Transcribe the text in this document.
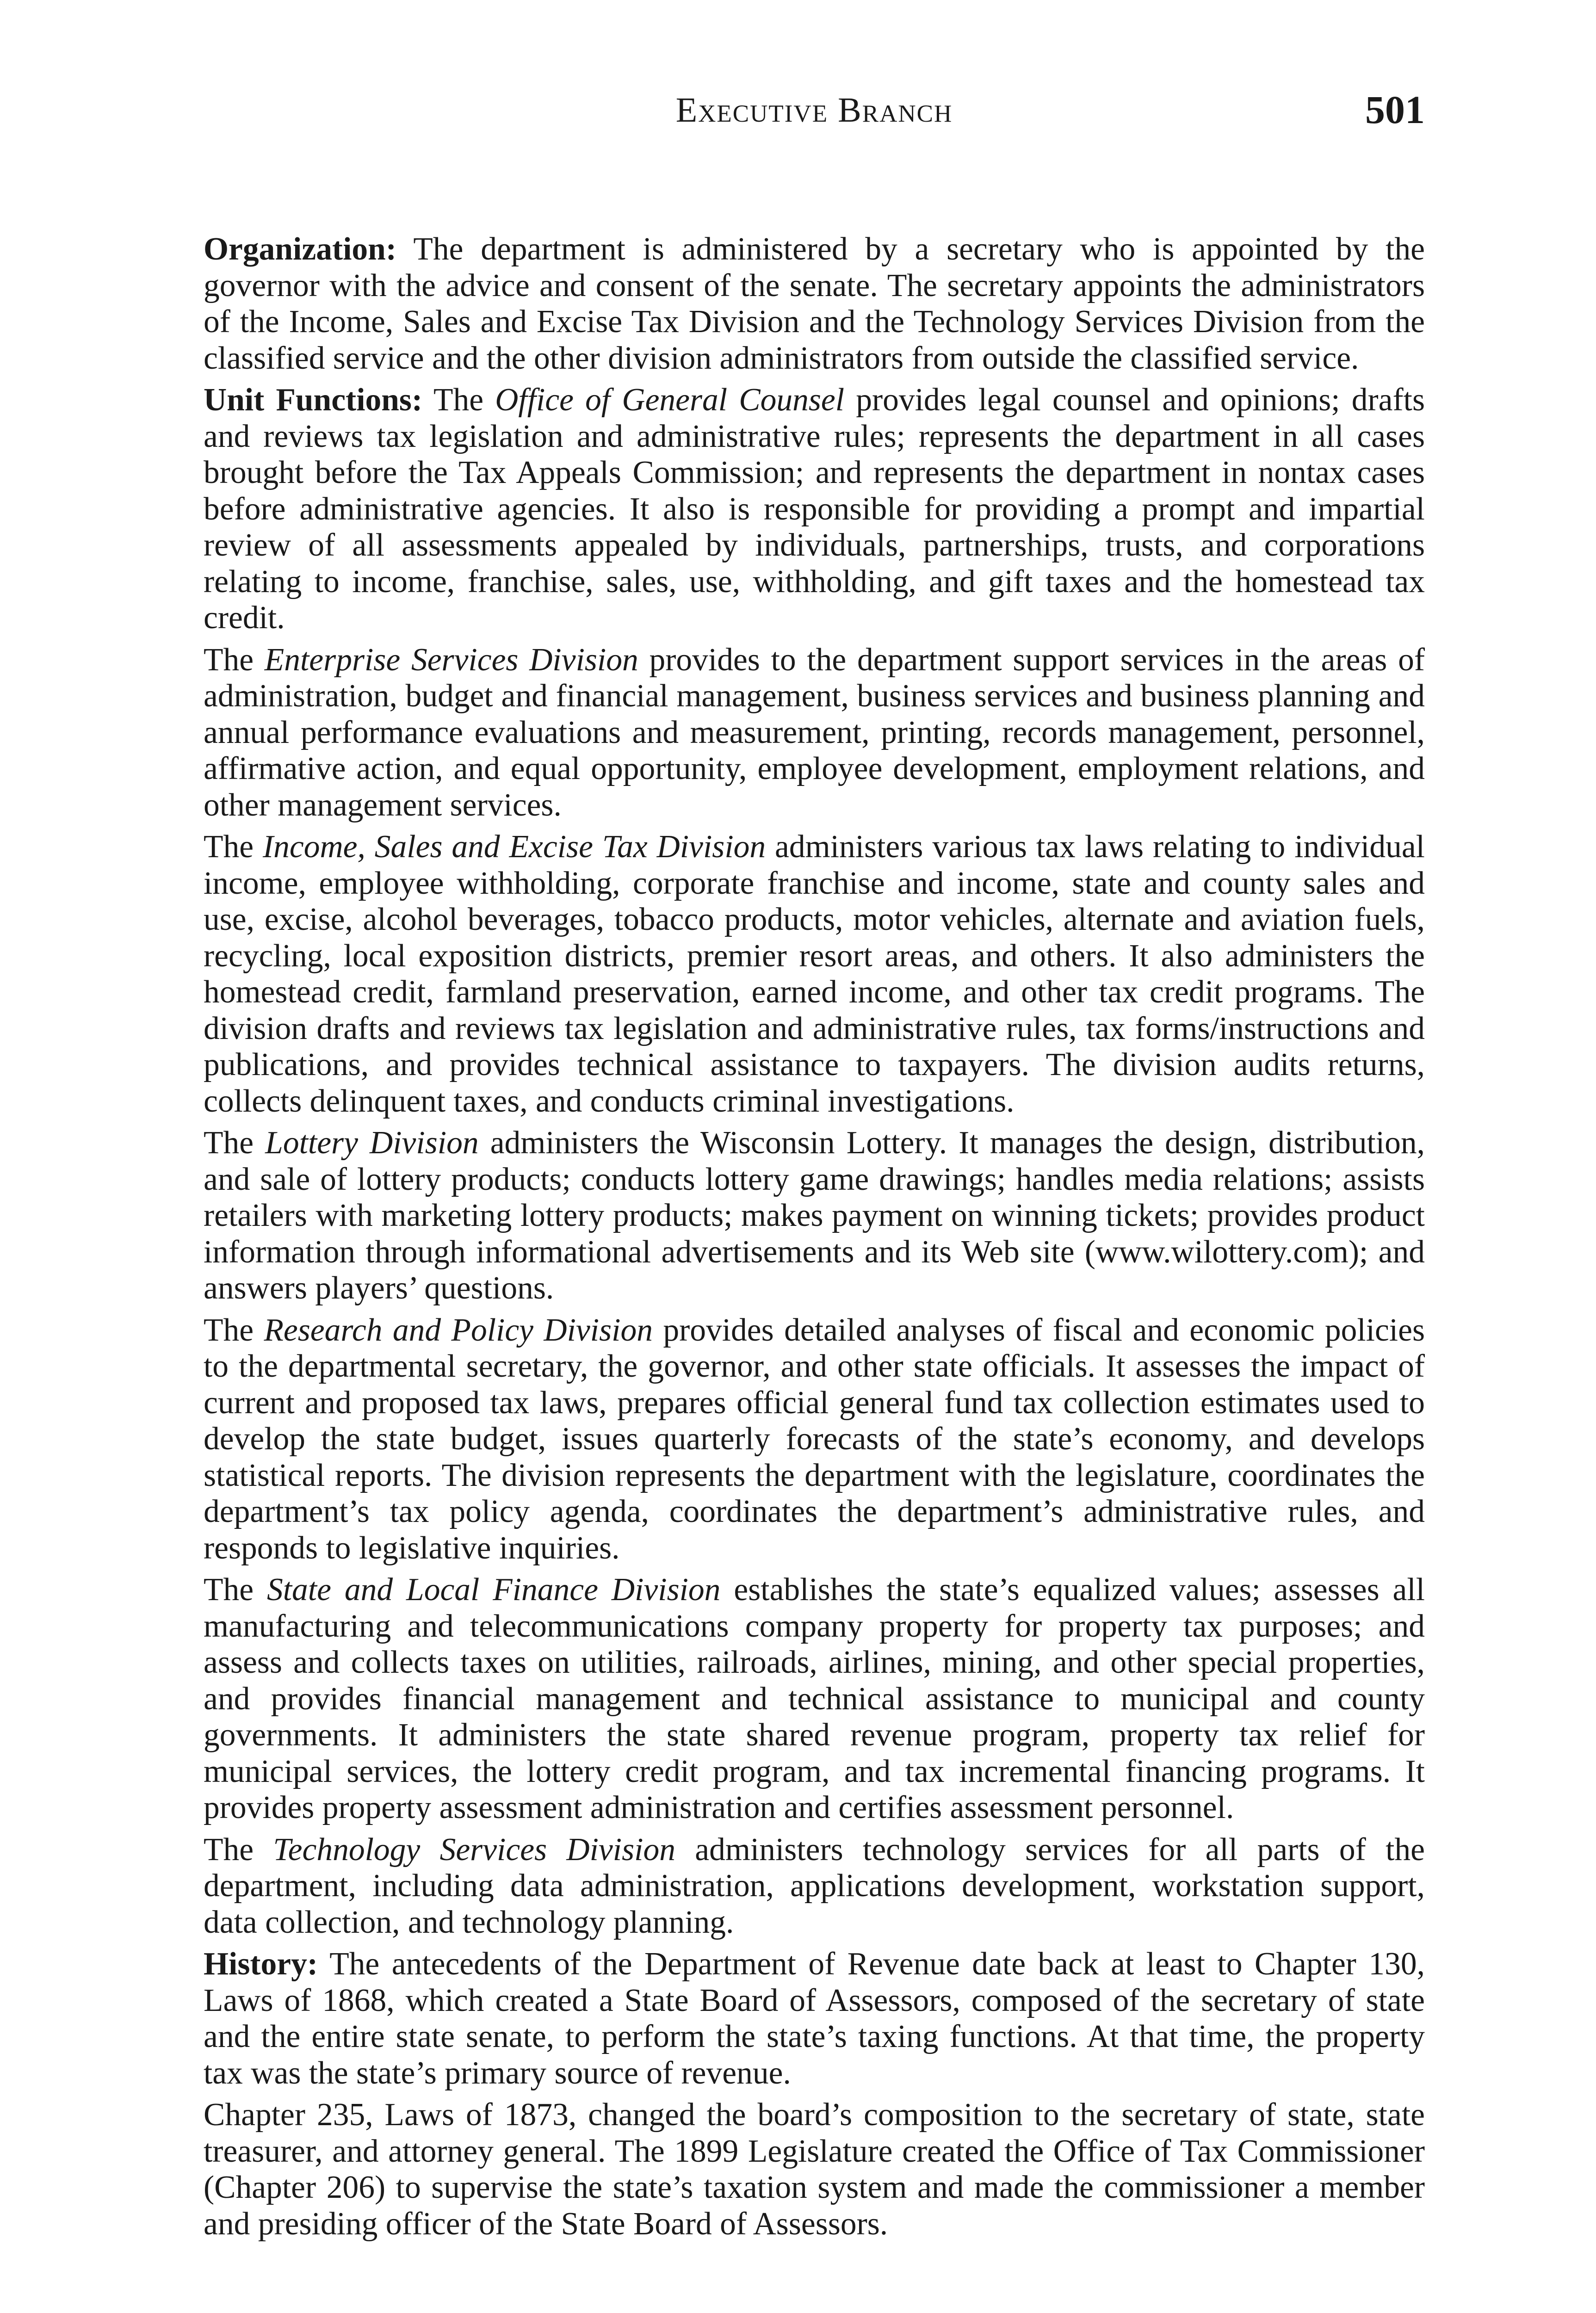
Executive Branch	501

Organization: The department is administered by a secretary who is appointed by the governor with the advice and consent of the senate. The secretary appoints the administrators of the Income, Sales and Excise Tax Division and the Technology Services Division from the classified service and the other division administrators from outside the classified service.

Unit Functions: The Office of General Counsel provides legal counsel and opinions; drafts and reviews tax legislation and administrative rules; represents the department in all cases brought before the Tax Appeals Commission; and represents the department in nontax cases before administrative agencies. It also is responsible for providing a prompt and impartial review of all assessments appealed by individuals, partnerships, trusts, and corporations relating to income, franchise, sales, use, withholding, and gift taxes and the homestead tax credit.

The Enterprise Services Division provides to the department support services in the areas of administration, budget and financial management, business services and business planning and annual performance evaluations and measurement, printing, records management, personnel, affirmative action, and equal opportunity, employee development, employment relations, and other management services.

The Income, Sales and Excise Tax Division administers various tax laws relating to individual income, employee withholding, corporate franchise and income, state and county sales and use, excise, alcohol beverages, tobacco products, motor vehicles, alternate and aviation fuels, recycling, local exposition districts, premier resort areas, and others. It also administers the homestead credit, farmland preservation, earned income, and other tax credit programs. The division drafts and reviews tax legislation and administrative rules, tax forms/instructions and publications, and provides technical assistance to taxpayers. The division audits returns, collects delinquent taxes, and conducts criminal investigations.

The Lottery Division administers the Wisconsin Lottery. It manages the design, distribution, and sale of lottery products; conducts lottery game drawings; handles media relations; assists retailers with marketing lottery products; makes payment on winning tickets; provides product information through informational advertisements and its Web site (www.wilottery.com); and answers players’ questions.

The Research and Policy Division provides detailed analyses of fiscal and economic policies to the departmental secretary, the governor, and other state officials. It assesses the impact of current and proposed tax laws, prepares official general fund tax collection estimates used to develop the state budget, issues quarterly forecasts of the state’s economy, and develops statistical reports. The division represents the department with the legislature, coordinates the department’s tax policy agenda, coordinates the department’s administrative rules, and responds to legislative inquiries.

The State and Local Finance Division establishes the state’s equalized values; assesses all manufacturing and telecommunications company property for property tax purposes; and assess and collects taxes on utilities, railroads, airlines, mining, and other special properties, and provides financial management and technical assistance to municipal and county governments. It administers the state shared revenue program, property tax relief for municipal services, the lottery credit program, and tax incremental financing programs. It provides property assessment administration and certifies assessment personnel.

The Technology Services Division administers technology services for all parts of the department, including data administration, applications development, workstation support, data collection, and technology planning.

History: The antecedents of the Department of Revenue date back at least to Chapter 130, Laws of 1868, which created a State Board of Assessors, composed of the secretary of state and the entire state senate, to perform the state’s taxing functions. At that time, the property tax was the state’s primary source of revenue.

Chapter 235, Laws of 1873, changed the board’s composition to the secretary of state, state treasurer, and attorney general. The 1899 Legislature created the Office of Tax Commissioner (Chapter 206) to supervise the state’s taxation system and made the commissioner a member and presiding officer of the State Board of Assessors.
